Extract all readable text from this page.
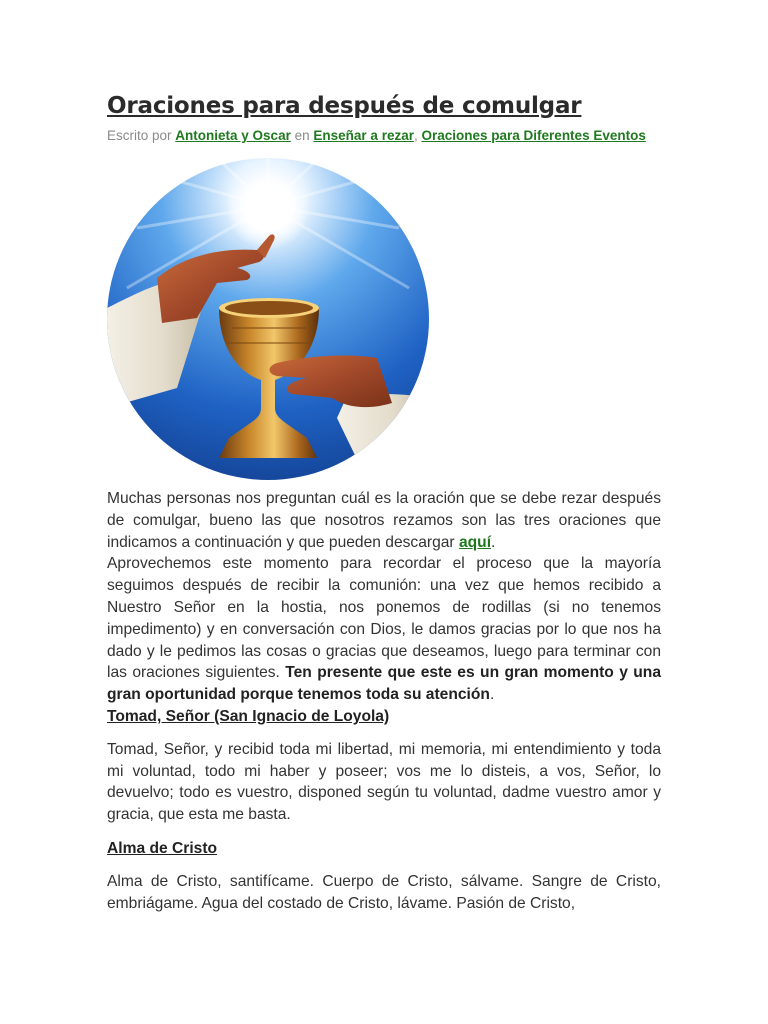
Oraciones para después de comulgar
Escrito por Antonieta y Oscar en Enseñar a rezar, Oraciones para Diferentes Eventos

Muchas personas nos preguntan cuál es la oración que se debe rezar después de comulgar, bueno las que nosotros rezamos son las tres oraciones que indicamos a continuación y que pueden descargar aquí.

Aprovechemos este momento para recordar el proceso que la mayoría seguimos después de recibir la comunión: una vez que hemos recibido a Nuestro Señor en la hostia, nos ponemos de rodillas (si no tenemos impedimento) y en conversación con Dios, le damos gracias por lo que nos ha dado y le pedimos las cosas o gracias que deseamos, luego para terminar con las oraciones siguientes. Ten presente que este es un gran momento y una gran oportunidad porque tenemos toda su atención.

Tomad, Señor (San Ignacio de Loyola)

Tomad, Señor, y recibid toda mi libertad, mi memoria, mi entendimiento y toda mi voluntad, todo mi haber y poseer; vos me lo disteis, a vos, Señor, lo devuelvo; todo es vuestro, disponed según tu voluntad, dadme vuestro amor y gracia, que esta me basta.

Alma de Cristo

Alma de Cristo, santifícame. Cuerpo de Cristo, sálvame. Sangre de Cristo, embriágame. Agua del costado de Cristo, lávame. Pasión de Cristo,
